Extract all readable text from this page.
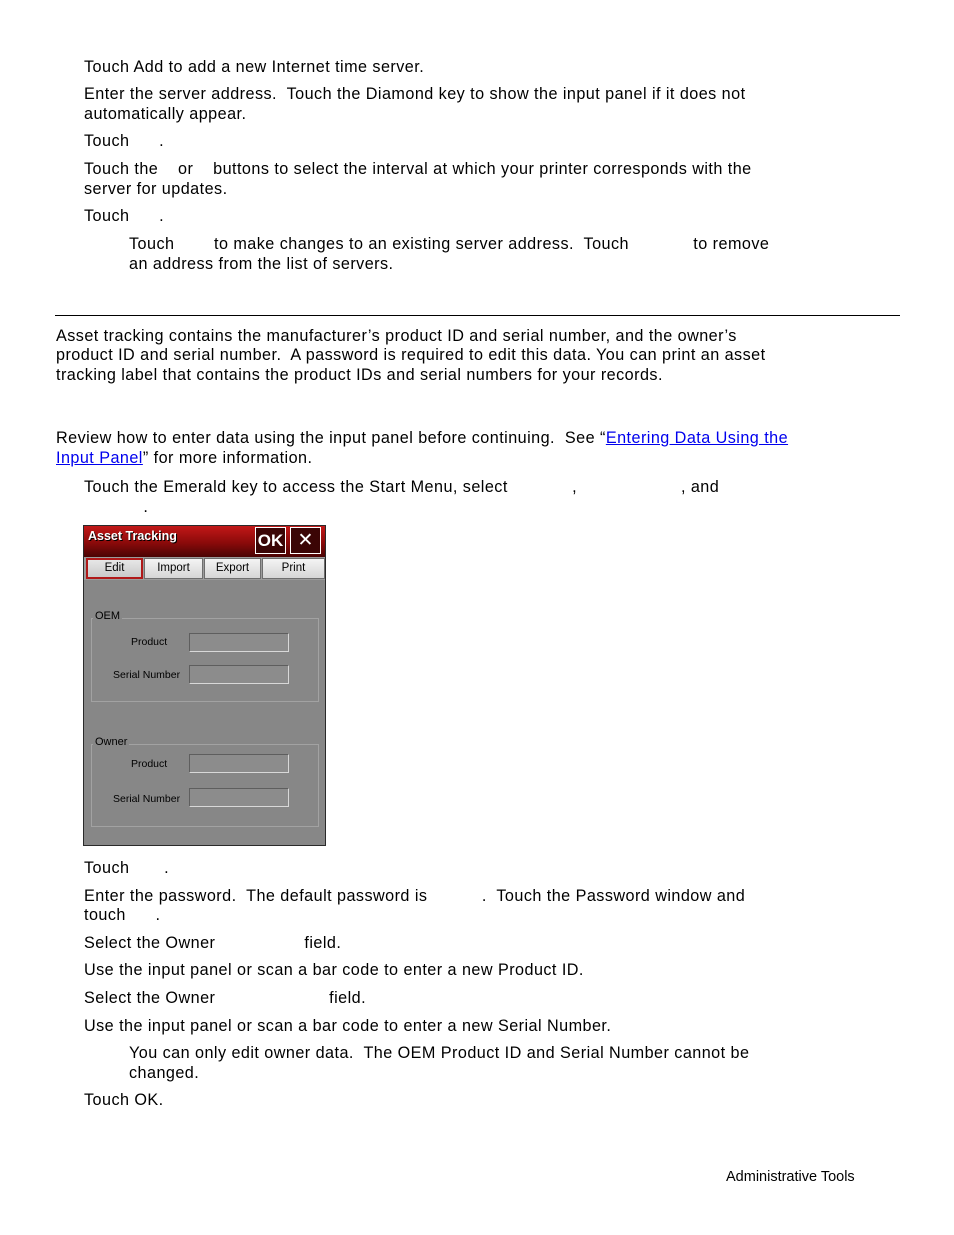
Touch Add to add a new Internet time server.
Enter the server address.  Touch the Diamond key to show the input panel if it does not
automatically appear.
Touch      .
Touch the    or    buttons to select the interval at which your printer corresponds with the
server for updates.
Touch      .
Touch        to make changes to an existing server address.  Touch             to remove
an address from the list of servers.
Asset tracking contains the manufacturer’s product ID and serial number, and the owner’s
product ID and serial number.  A password is required to edit this data. You can print an asset
tracking label that contains the product IDs and serial numbers for your records.
Review how to enter data using the input panel before continuing.  See “Entering Data Using the
Input Panel” for more information.
Touch the Emerald key to access the Start Menu, select             ,                     , and
.
Asset Tracking	OK ✕
Edit	Import	Export	Print
OEM
Product
Serial Number
Owner
Product
Serial Number
Touch       .
Enter the password.  The default password is           .  Touch the Password window and
touch      .
Select the Owner                  field.
Use the input panel or scan a bar code to enter a new Product ID.
Select the Owner                       field.
Use the input panel or scan a bar code to enter a new Serial Number.
You can only edit owner data.  The OEM Product ID and Serial Number cannot be
changed.
Touch OK.
Administrative Tools
